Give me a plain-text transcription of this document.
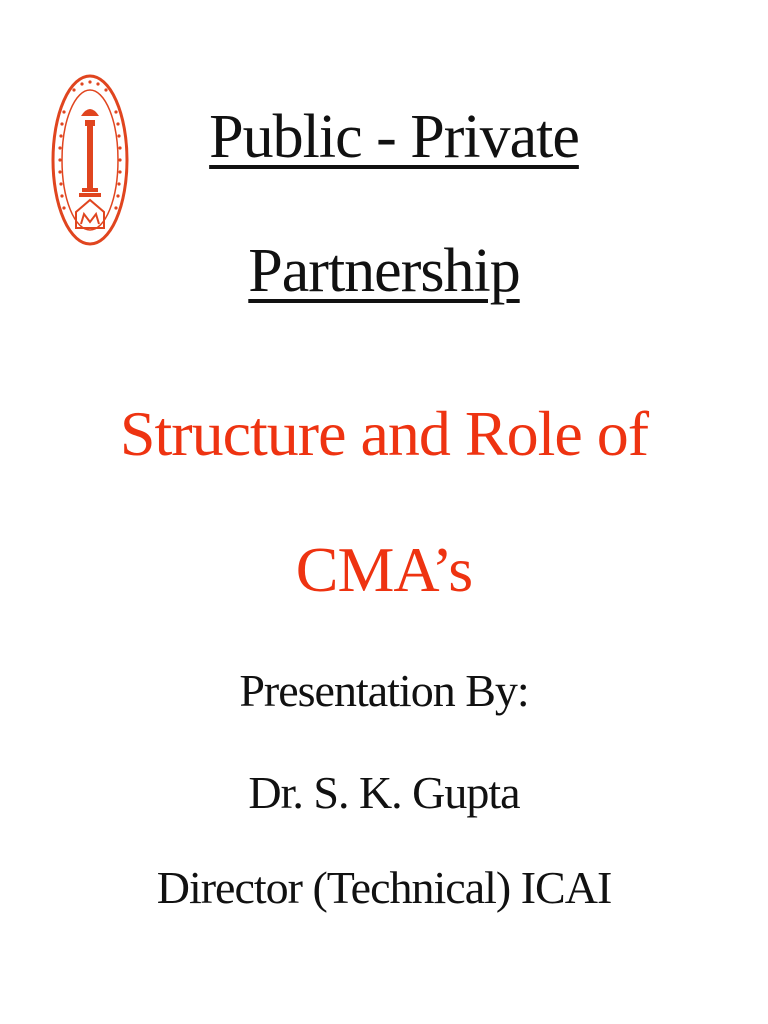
Public - Private
Partnership
Structure and Role of
CMA’s
Presentation By:
Dr. S. K. Gupta
Director (Technical) ICAI
